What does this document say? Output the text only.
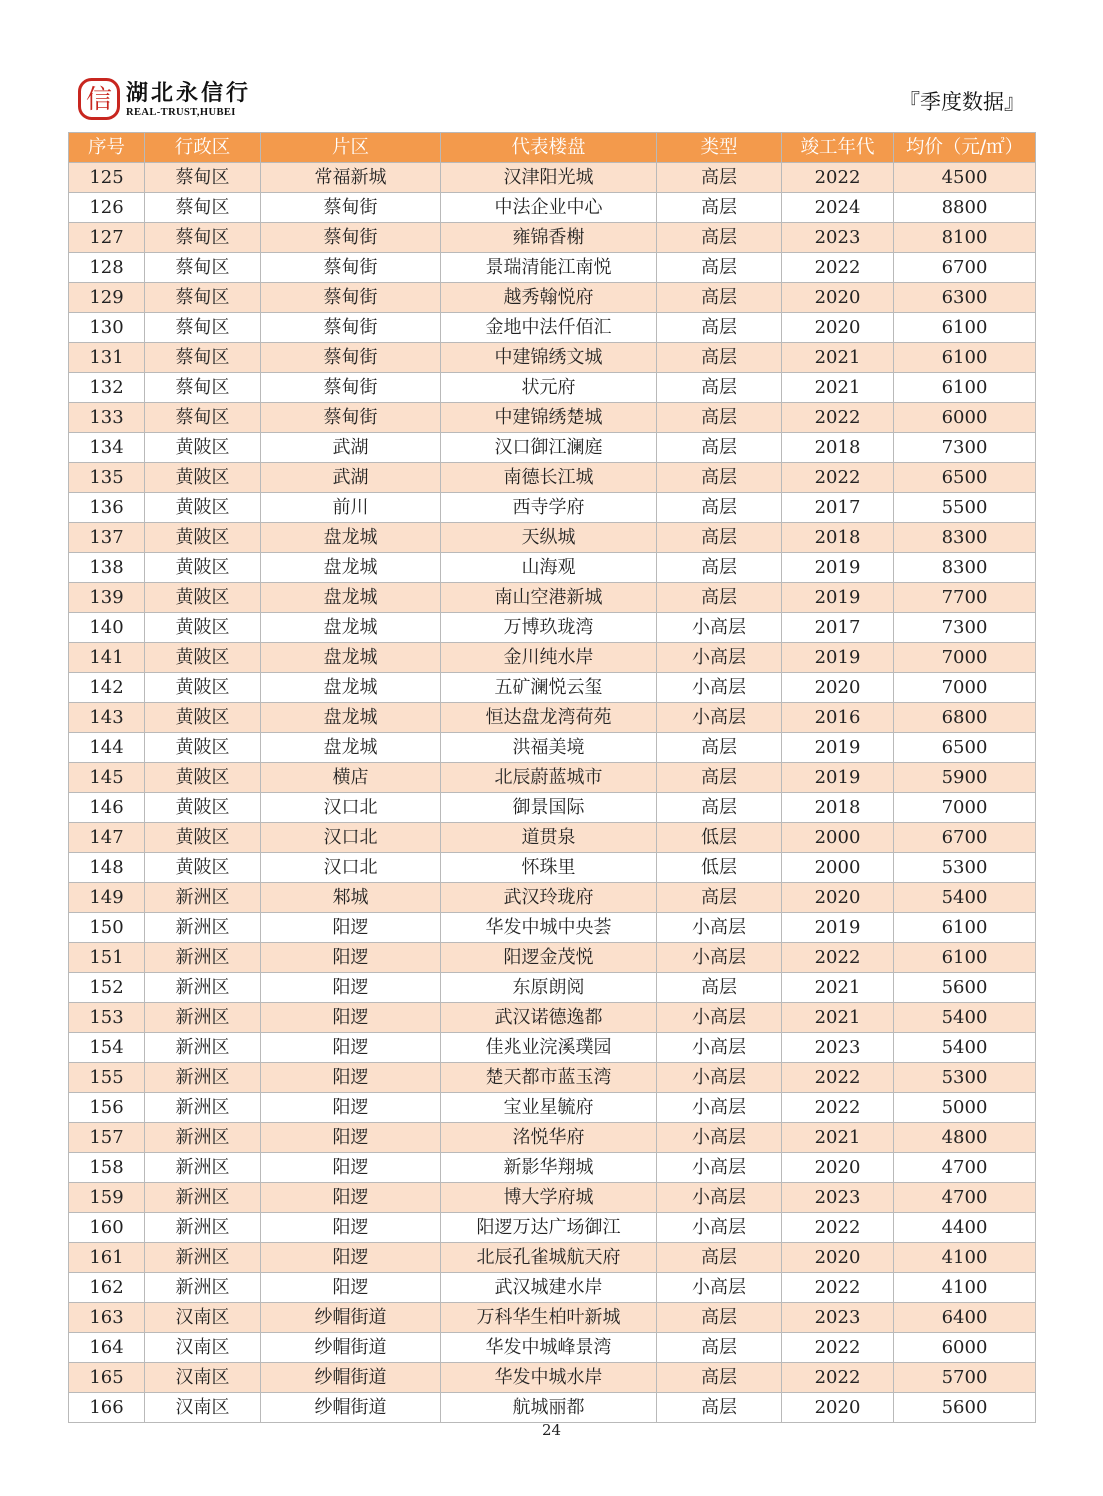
信 湖北永信行
REAL-TRUST,HUBEI	『季度数据』
序号	行政区	片区	代表楼盘	类型	竣工年代	均价（元/㎡）
125	蔡甸区	常福新城	汉津阳光城	高层	2022	4500
126	蔡甸区	蔡甸街	中法企业中心	高层	2024	8800
127	蔡甸区	蔡甸街	雍锦香榭	高层	2023	8100
128	蔡甸区	蔡甸街	景瑞清能江南悦	高层	2022	6700
129	蔡甸区	蔡甸街	越秀翰悦府	高层	2020	6300
130	蔡甸区	蔡甸街	金地中法仟佰汇	高层	2020	6100
131	蔡甸区	蔡甸街	中建锦绣文城	高层	2021	6100
132	蔡甸区	蔡甸街	状元府	高层	2021	6100
133	蔡甸区	蔡甸街	中建锦绣楚城	高层	2022	6000
134	黄陂区	武湖	汉口御江澜庭	高层	2018	7300
135	黄陂区	武湖	南德长江城	高层	2022	6500
136	黄陂区	前川	西寺学府	高层	2017	5500
137	黄陂区	盘龙城	天纵城	高层	2018	8300
138	黄陂区	盘龙城	山海观	高层	2019	8300
139	黄陂区	盘龙城	南山空港新城	高层	2019	7700
140	黄陂区	盘龙城	万博玖珑湾	小高层	2017	7300
141	黄陂区	盘龙城	金川纯水岸	小高层	2019	7000
142	黄陂区	盘龙城	五矿澜悦云玺	小高层	2020	7000
143	黄陂区	盘龙城	恒达盘龙湾荷苑	小高层	2016	6800
144	黄陂区	盘龙城	洪福美境	高层	2019	6500
145	黄陂区	横店	北辰蔚蓝城市	高层	2019	5900
146	黄陂区	汉口北	御景国际	高层	2018	7000
147	黄陂区	汉口北	道贯泉	低层	2000	6700
148	黄陂区	汉口北	怀珠里	低层	2000	5300
149	新洲区	邾城	武汉玲珑府	高层	2020	5400
150	新洲区	阳逻	华发中城中央荟	小高层	2019	6100
151	新洲区	阳逻	阳逻金茂悦	小高层	2022	6100
152	新洲区	阳逻	东原朗阅	高层	2021	5600
153	新洲区	阳逻	武汉诺德逸都	小高层	2021	5400
154	新洲区	阳逻	佳兆业浣溪璞园	小高层	2023	5400
155	新洲区	阳逻	楚天都市蓝玉湾	小高层	2022	5300
156	新洲区	阳逻	宝业星毓府	小高层	2022	5000
157	新洲区	阳逻	洺悦华府	小高层	2021	4800
158	新洲区	阳逻	新影华翔城	小高层	2020	4700
159	新洲区	阳逻	博大学府城	小高层	2023	4700
160	新洲区	阳逻	阳逻万达广场御江	小高层	2022	4400
161	新洲区	阳逻	北辰孔雀城航天府	高层	2020	4100
162	新洲区	阳逻	武汉城建水岸	小高层	2022	4100
163	汉南区	纱帽街道	万科华生柏叶新城	高层	2023	6400
164	汉南区	纱帽街道	华发中城峰景湾	高层	2022	6000
165	汉南区	纱帽街道	华发中城水岸	高层	2022	5700
166	汉南区	纱帽街道	航城丽都	高层	2020	5600
24
